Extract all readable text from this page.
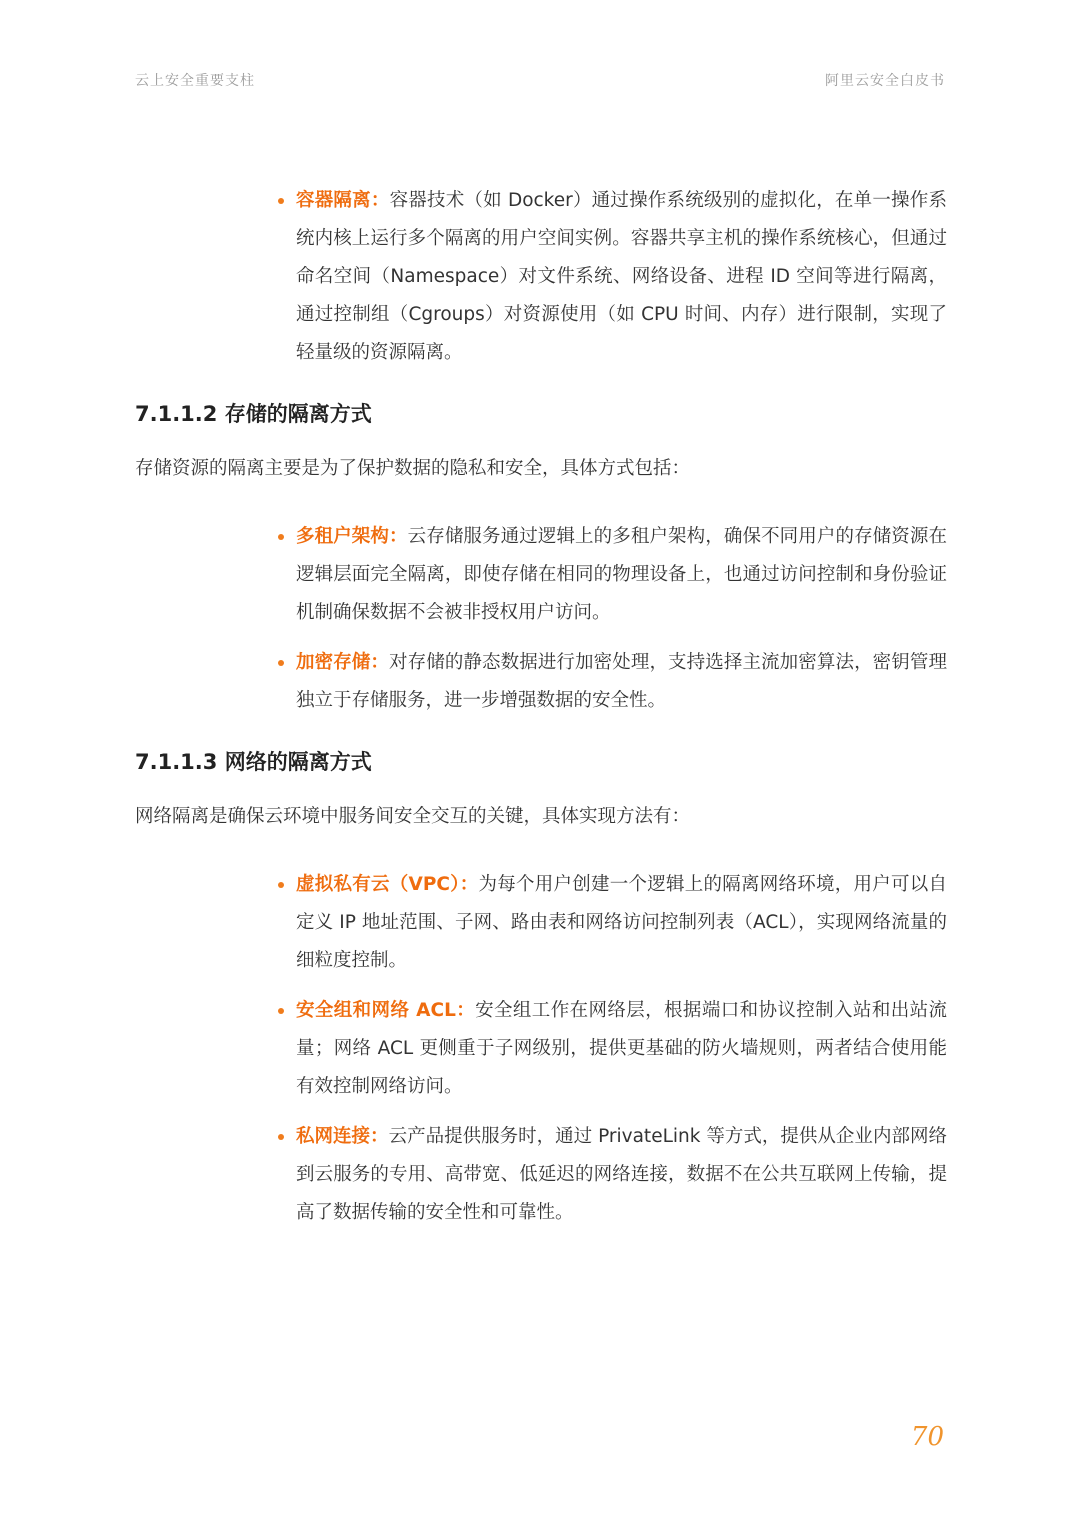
云上安全重要支柱	阿里云安全白皮书
容器隔离：容器技术（如 Docker）通过操作系统级别的虚拟化，在单一操作系统内核上运行多个隔离的用户空间实例。容器共享主机的操作系统核心，但通过命名空间（Namespace）对文件系统、网络设备、进程 ID 空间等进行隔离，通过控制组（Cgroups）对资源使用（如 CPU 时间、内存）进行限制，实现了轻量级的资源隔离。
7.1.1.2 存储的隔离方式
存储资源的隔离主要是为了保护数据的隐私和安全，具体方式包括：
多租户架构：云存储服务通过逻辑上的多租户架构，确保不同用户的存储资源在逻辑层面完全隔离，即使存储在相同的物理设备上，也通过访问控制和身份验证机制确保数据不会被非授权用户访问。
加密存储：对存储的静态数据进行加密处理，支持选择主流加密算法，密钥管理独立于存储服务，进一步增强数据的安全性。
7.1.1.3 网络的隔离方式
网络隔离是确保云环境中服务间安全交互的关键，具体实现方法有：
虚拟私有云（VPC）：为每个用户创建一个逻辑上的隔离网络环境，用户可以自定义 IP 地址范围、子网、路由表和网络访问控制列表（ACL），实现网络流量的细粒度控制。
安全组和网络 ACL：安全组工作在网络层，根据端口和协议控制入站和出站流量；网络 ACL 更侧重于子网级别，提供更基础的防火墙规则，两者结合使用能有效控制网络访问。
私网连接：云产品提供服务时，通过 PrivateLink 等方式，提供从企业内部网络到云服务的专用、高带宽、低延迟的网络连接，数据不在公共互联网上传输，提高了数据传输的安全性和可靠性。
70
